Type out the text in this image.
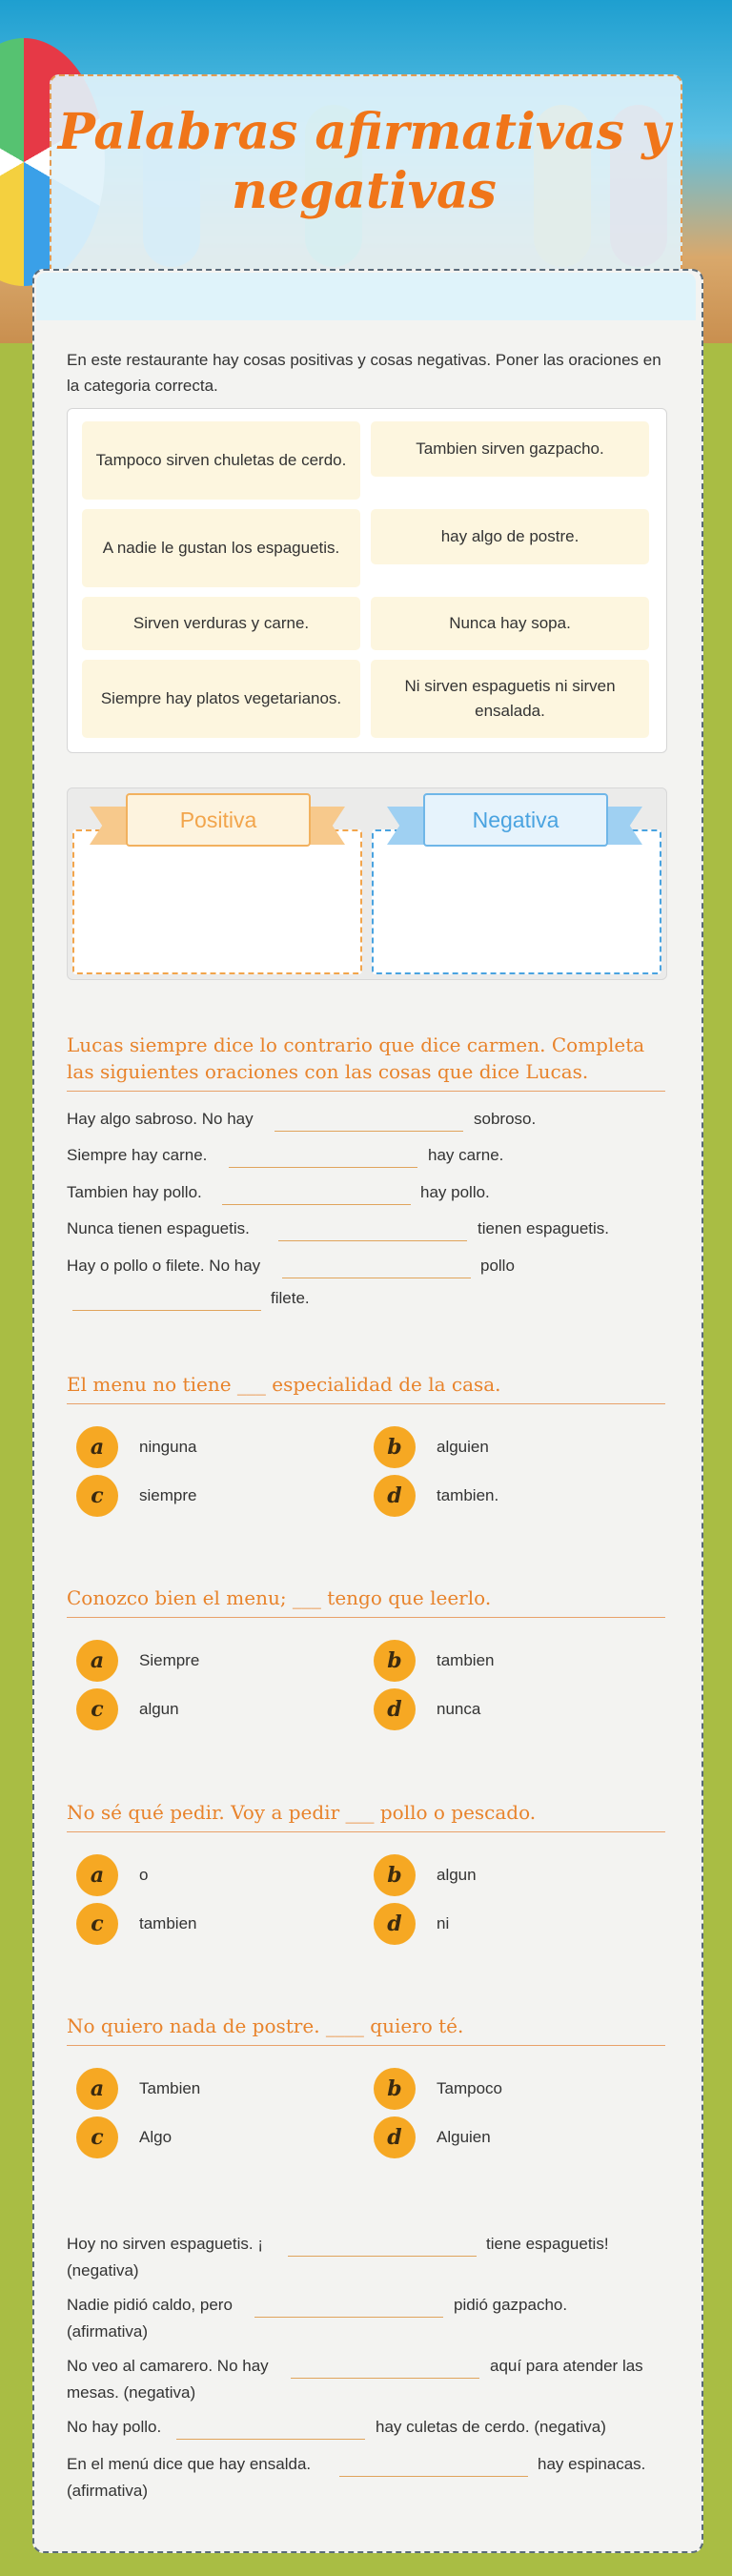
Palabras afirmativas y negativas
En este restaurante hay cosas positivas y cosas negativas. Poner las oraciones en la categoria correcta.
Tampoco sirven chuletas de cerdo.
Tambien sirven gazpacho.
A nadie le gustan los espaguetis.
hay algo de postre.
Sirven verduras y carne.	Nunca hay sopa.
Siempre hay platos vegetarianos.
Ni sirven espaguetis ni sirven ensalada.
Positiva	Negativa
Lucas siempre dice lo contrario que dice carmen. Completa las siguientes oraciones con las cosas que dice Lucas.
Hay algo sabroso. No hay	sobroso.
Siempre hay carne.	hay carne.
Tambien hay pollo.	hay pollo.
Nunca tienen espaguetis.	tienen espaguetis.
Hay o pollo o filete. No hay	pollo
filete.
El menu no tiene ___ especialidad de la casa.
a	ninguna	b	alguien
c	siempre	d	tambien.
Conozco bien el menu; ___ tengo que leerlo.
a	Siempre	b	tambien
c	algun	d	nunca
No sé qué pedir. Voy a pedir ___ pollo o pescado.
a	o	b	algun
c	tambien	d	ni
No quiero nada de postre. ____ quiero té.
a	Tambien	b	Tampoco
c	Algo	d	Alguien
Hoy no sirven espaguetis. ¡	tiene espaguetis!
(negativa)
Nadie pidió caldo, pero	pidió gazpacho.
(afirmativa)
No veo al camarero. No hay	aquí para atender las
mesas. (negativa)
No hay pollo.	hay culetas de cerdo. (negativa)
En el menú dice que hay ensalda.	hay espinacas.
(afirmativa)
